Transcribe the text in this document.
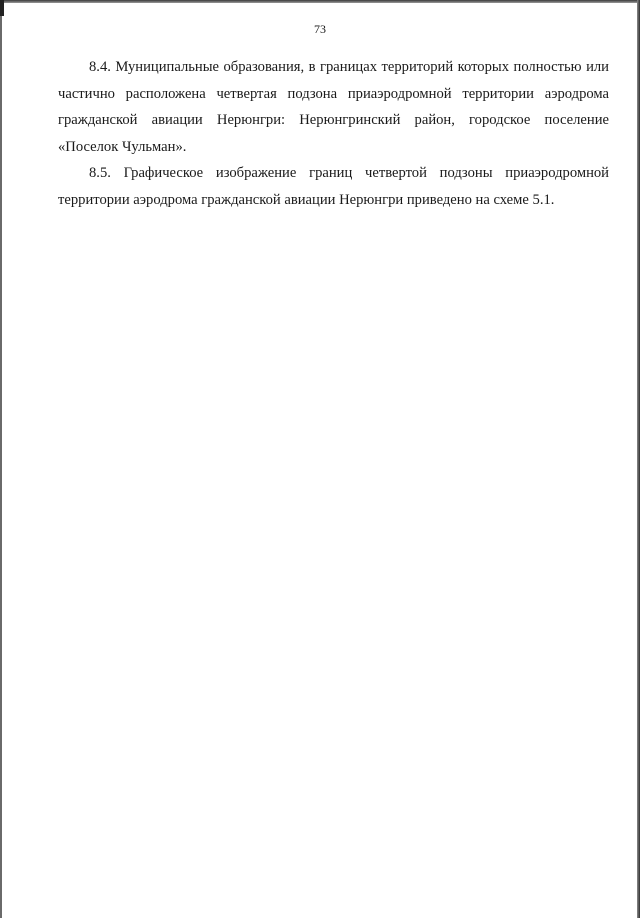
73

8.4. Муниципальные образования, в границах территорий которых полностью или частично расположена четвертая подзона приаэродромной территории аэродрома гражданской авиации Нерюнгри: Нерюнгринский район, городское поселение «Поселок Чульман».

8.5. Графическое изображение границ четвертой подзоны приаэродромной территории аэродрома гражданской авиации Нерюнгри приведено на схеме 5.1.
